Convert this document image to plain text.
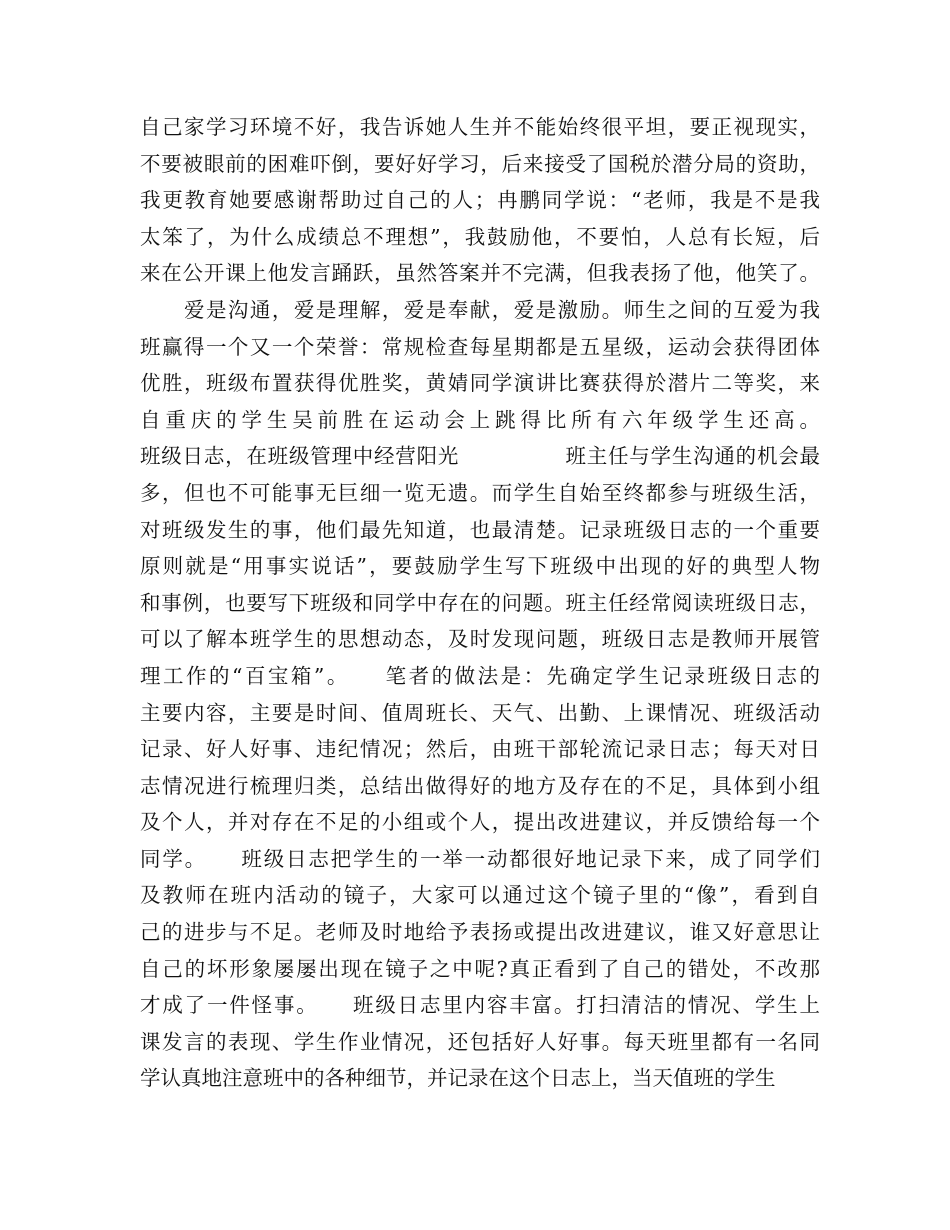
自己家学习环境不好，我告诉她人生并不能始终很平坦，要正视现实，
不要被眼前的困难吓倒，要好好学习，后来接受了国税於潜分局的资助，
我更教育她要感谢帮助过自己的人；冉鹏同学说：“老师，我是不是我
太笨了，为什么成绩总不理想”，我鼓励他，不要怕，人总有长短，后
来在公开课上他发言踊跃，虽然答案并不完满，但我表扬了他，他笑了。
　　爱是沟通，爱是理解，爱是奉献，爱是激励。师生之间的互爱为我
班赢得一个又一个荣誉：常规检查每星期都是五星级，运动会获得团体
优胜，班级布置获得优胜奖，黄婧同学演讲比赛获得於潜片二等奖，来
自重庆的学生吴前胜在运动会上跳得比所有六年级学生还高。
班级日志，在班级管理中经营阳光　　　　　班主任与学生沟通的机会最
多，但也不可能事无巨细一览无遗。而学生自始至终都参与班级生活，
对班级发生的事，他们最先知道，也最清楚。记录班级日志的一个重要
原则就是“用事实说话”，要鼓励学生写下班级中出现的好的典型人物
和事例，也要写下班级和同学中存在的问题。班主任经常阅读班级日志，
可以了解本班学生的思想动态，及时发现问题，班级日志是教师开展管
理工作的“百宝箱”。　　笔者的做法是：先确定学生记录班级日志的
主要内容，主要是时间、值周班长、天气、出勤、上课情况、班级活动
记录、好人好事、违纪情况；然后，由班干部轮流记录日志；每天对日
志情况进行梳理归类，总结出做得好的地方及存在的不足，具体到小组
及个人，并对存在不足的小组或个人，提出改进建议，并反馈给每一个
同学。　　班级日志把学生的一举一动都很好地记录下来，成了同学们
及教师在班内活动的镜子，大家可以通过这个镜子里的“像”，看到自
己的进步与不足。老师及时地给予表扬或提出改进建议，谁又好意思让
自己的坏形象屡屡出现在镜子之中呢?真正看到了自己的错处，不改那
才成了一件怪事。　　班级日志里内容丰富。打扫清洁的情况、学生上
课发言的表现、学生作业情况，还包括好人好事。每天班里都有一名同
学认真地注意班中的各种细节，并记录在这个日志上，当天值班的学生
